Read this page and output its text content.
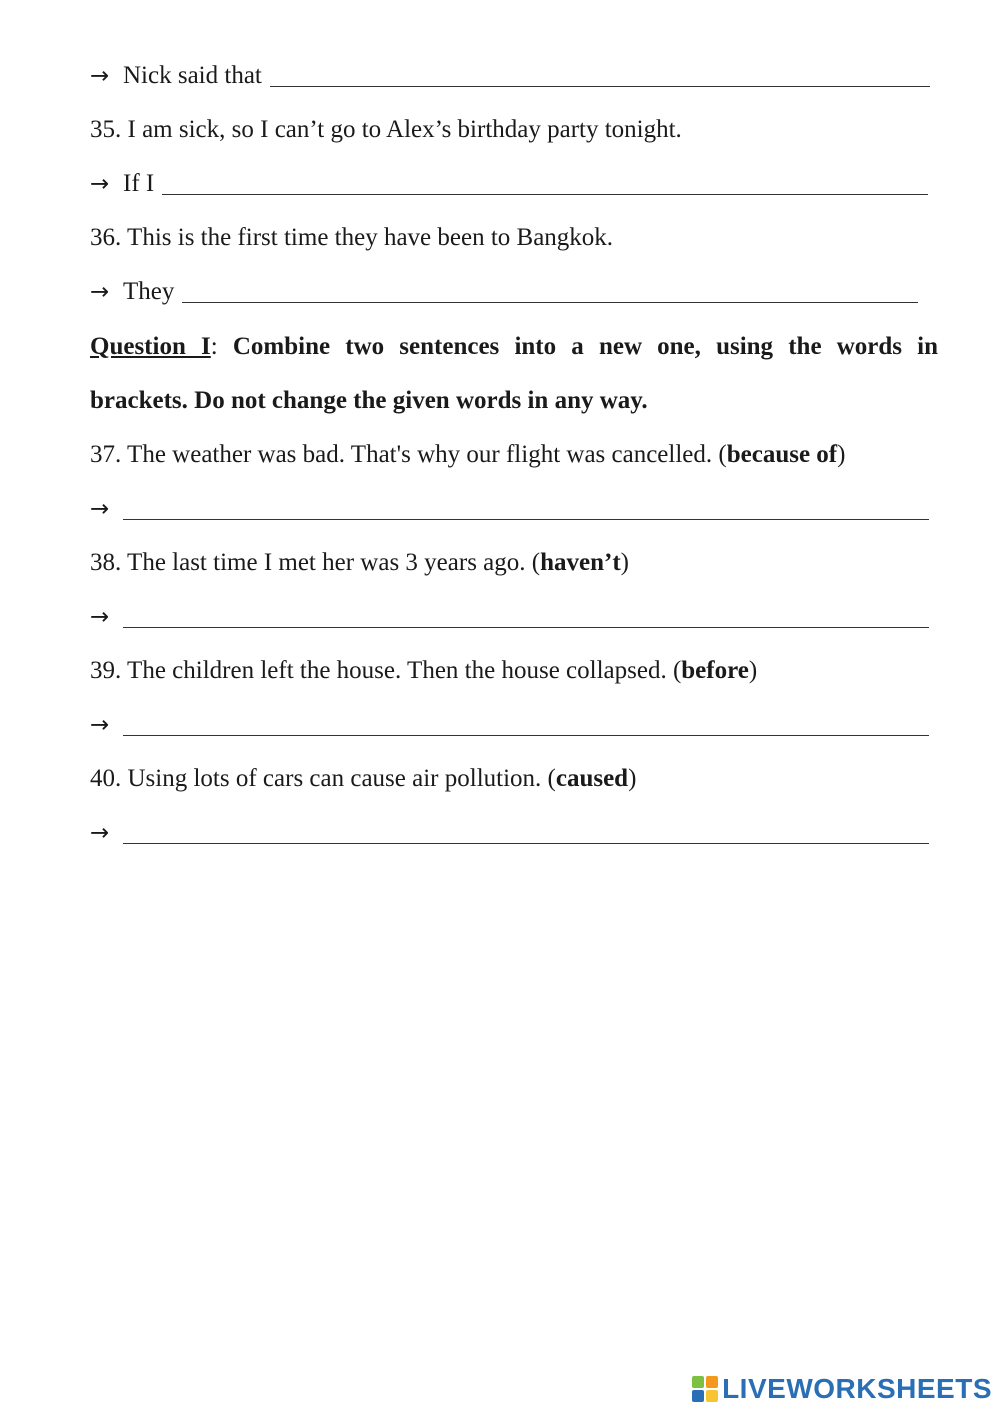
→ Nick said that
35. I am sick, so I can’t go to Alex’s birthday party tonight.
→ If I
36. This is the first time they have been to Bangkok.
→ They
Question I: Combine two sentences into a new one, using the words in
brackets. Do not change the given words in any way.
37. The weather was bad. That's why our flight was cancelled. (because of)
→
38. The last time I met her was 3 years ago. (haven’t)
→
39. The children left the house. Then the house collapsed. (before)
→
40. Using lots of cars can cause air pollution. (caused)
→
LIVEWORKSHEETS
